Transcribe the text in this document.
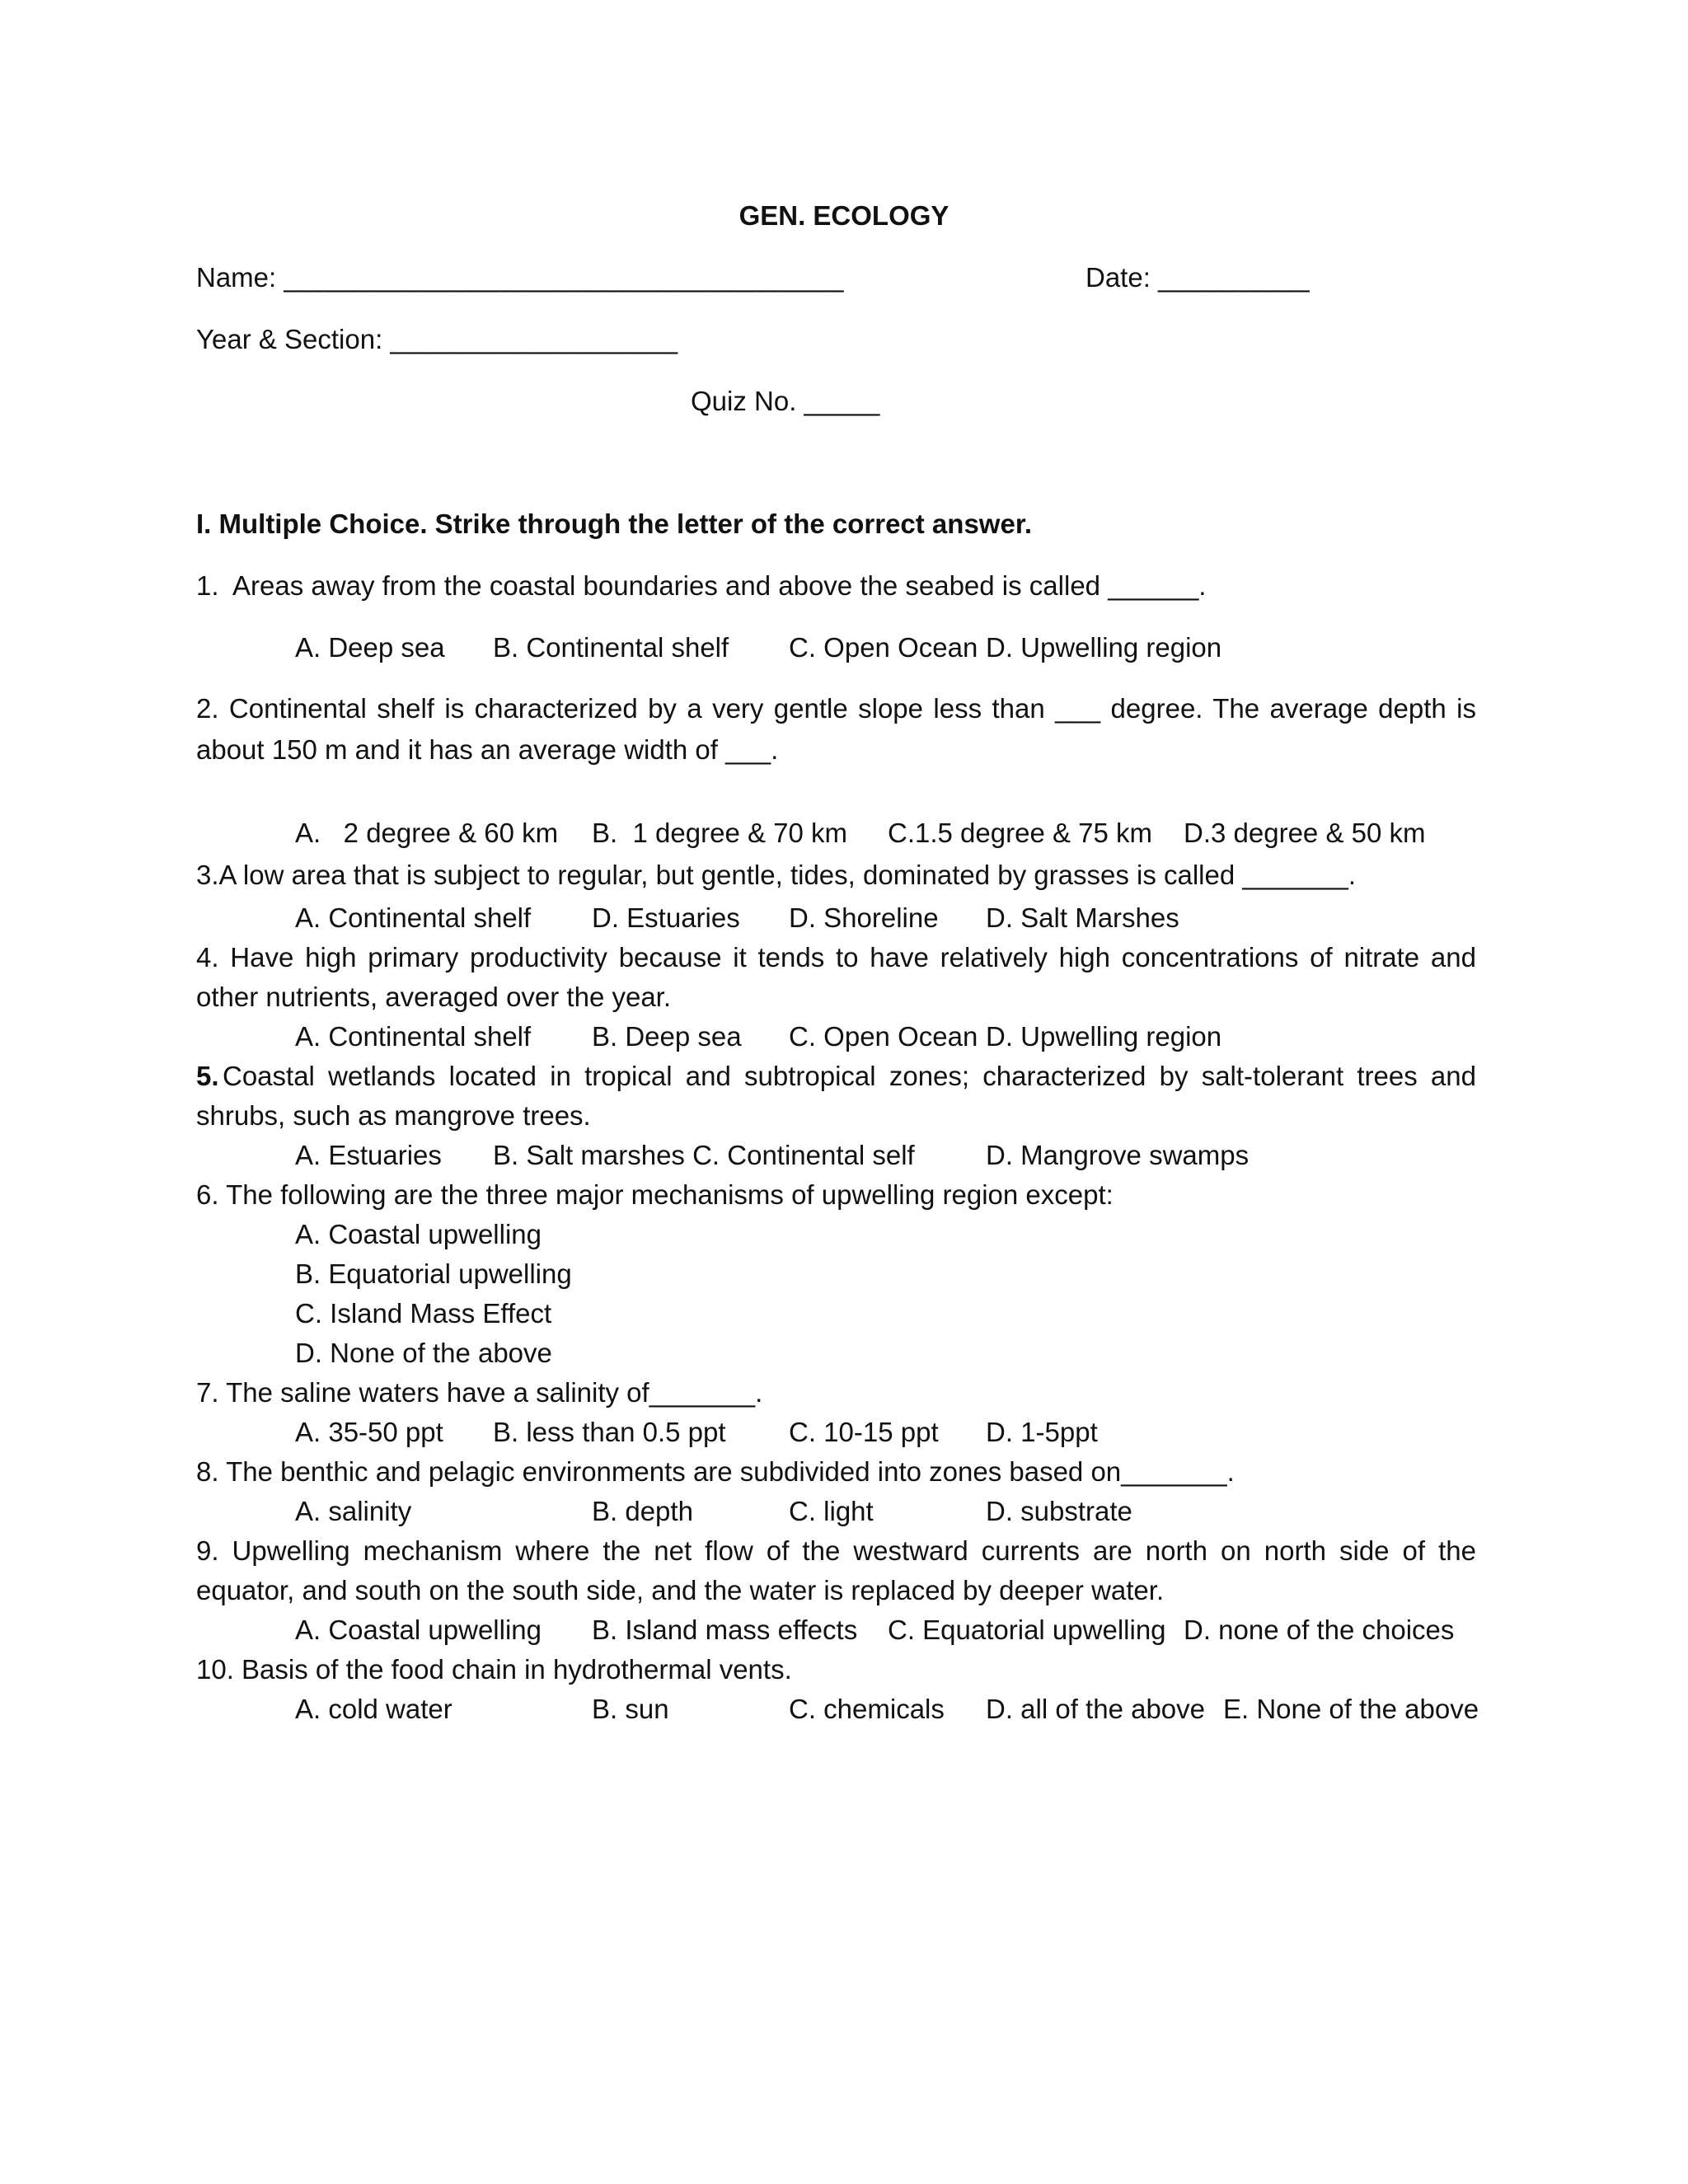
GEN. ECOLOGY
Name: _____________________________________	Date: __________
Year & Section: ___________________
Quiz No. _____
I. Multiple Choice. Strike through the letter of the correct answer.
1.  Areas away from the coastal boundaries and above the seabed is called ______.
A. Deep sea B. Continental shelf C. Open Ocean D. Upwelling region
2. Continental shelf is characterized by a very gentle slope less than ___ degree. The average depth is
about 150 m and it has an average width of ___.
A.   2 degree & 60 km B.  1 degree & 70 km C.1.5 degree & 75 km D.3 degree & 50 km
3.A low area that is subject to regular, but gentle, tides, dominated by grasses is called _______.
A. Continental shelf D. Estuaries D. Shoreline D. Salt Marshes
4. Have high primary productivity because it tends to have relatively high concentrations of nitrate and
other nutrients, averaged over the year.
A. Continental shelf B. Deep sea C. Open Ocean D. Upwelling region
5. Coastal wetlands located in tropical and subtropical zones; characterized by salt-tolerant trees and
shrubs, such as mangrove trees.
A. Estuaries B. Salt marshes C. Continental self	D. Mangrove swamps
6. The following are the three major mechanisms of upwelling region except:
A. Coastal upwelling
B. Equatorial upwelling
C. Island Mass Effect
D. None of the above
7. The saline waters have a salinity of_______.
A. 35-50 ppt B. less than 0.5 ppt C. 10-15 ppt D. 1-5ppt
8. The benthic and pelagic environments are subdivided into zones based on_______.
A. salinity	B. depth	C. light	D. substrate
9. Upwelling mechanism where the net flow of the westward currents are north on north side of the
equator, and south on the south side, and the water is replaced by deeper water.
A. Coastal upwelling B. Island mass effects C. Equatorial upwelling D. none of the choices
10. Basis of the food chain in hydrothermal vents.
A. cold water	B. sun	C. chemicals D. all of the above E. None of the above
